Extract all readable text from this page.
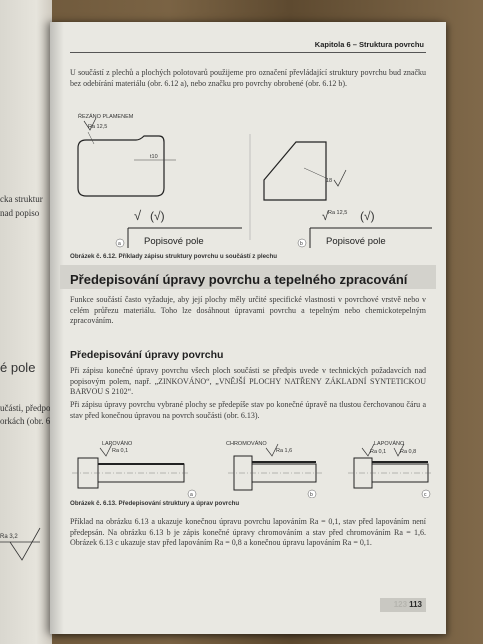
cka struktur
nad popiso
é pole
učásti, předpo
orkách (obr. 6
Ra 3,2
Kapitola 6 – Struktura povrchu
U součástí z plechů a plochých polotovarů použijeme pro označení převládající struktury povrchu bud značku bez odebírání materiálu (obr. 6.12 a), nebo značku pro povrchy obrobené (obr. 6.12 b).
ŘEZÁNO PLAMENEM
Ra 12,5
t10
√ (√)
Popisové pole
a
18
√ Ra 12,5 (√)
Popisové pole
b
Obrázek č. 6.12. Příklady zápisu struktury povrchu u součástí z plechu
Předepisování úpravy povrchu a tepelného zpracování
Funkce součástí často vyžaduje, aby její plochy měly určité specifické vlastnosti v povrchové vrstvě nebo v celém průřezu materiálu. Toho lze dosáhnout úpravami povrchu a tepelným nebo chemickotepelným zpracováním.
Předepisování úpravy povrchu
Při zápisu konečné úpravy povrchu všech ploch součásti se předpis uvede v technických požadavcích nad popisovým polem, např. „ZINKOVÁNO“, „VNĚJŠÍ PLOCHY NATŘENY ZÁKLADNÍ SYNTETICKOU BARVOU S 2102“.
Při zápisu úpravy povrchu vybrané plochy se předepíše stav po konečné úpravě na tlustou čerchovanou čáru a stav před konečnou úpravou na povrch součásti (obr. 6.13).
LAPOVÁNO
Ra 0,1
a
CHROMOVÁNO
Ra 1,6
b
LAPOVÁNO
Ra 0,1	Ra 0,8
c
Obrázek č. 6.13. Předepisování struktury a úprav povrchu
Příklad na obrázku 6.13 a ukazuje konečnou úpravu povrchu lapováním Ra = 0,1, stav před lapováním není předepsán. Na obrázku 6.13 b je zápis konečné úpravy chromováním a stav před chromováním Ra = 1,6. Obrázek 6.13 c ukazuje stav před lapováním Ra = 0,8 a konečnou úpravu lapováním Ra = 0,1.
123 113
